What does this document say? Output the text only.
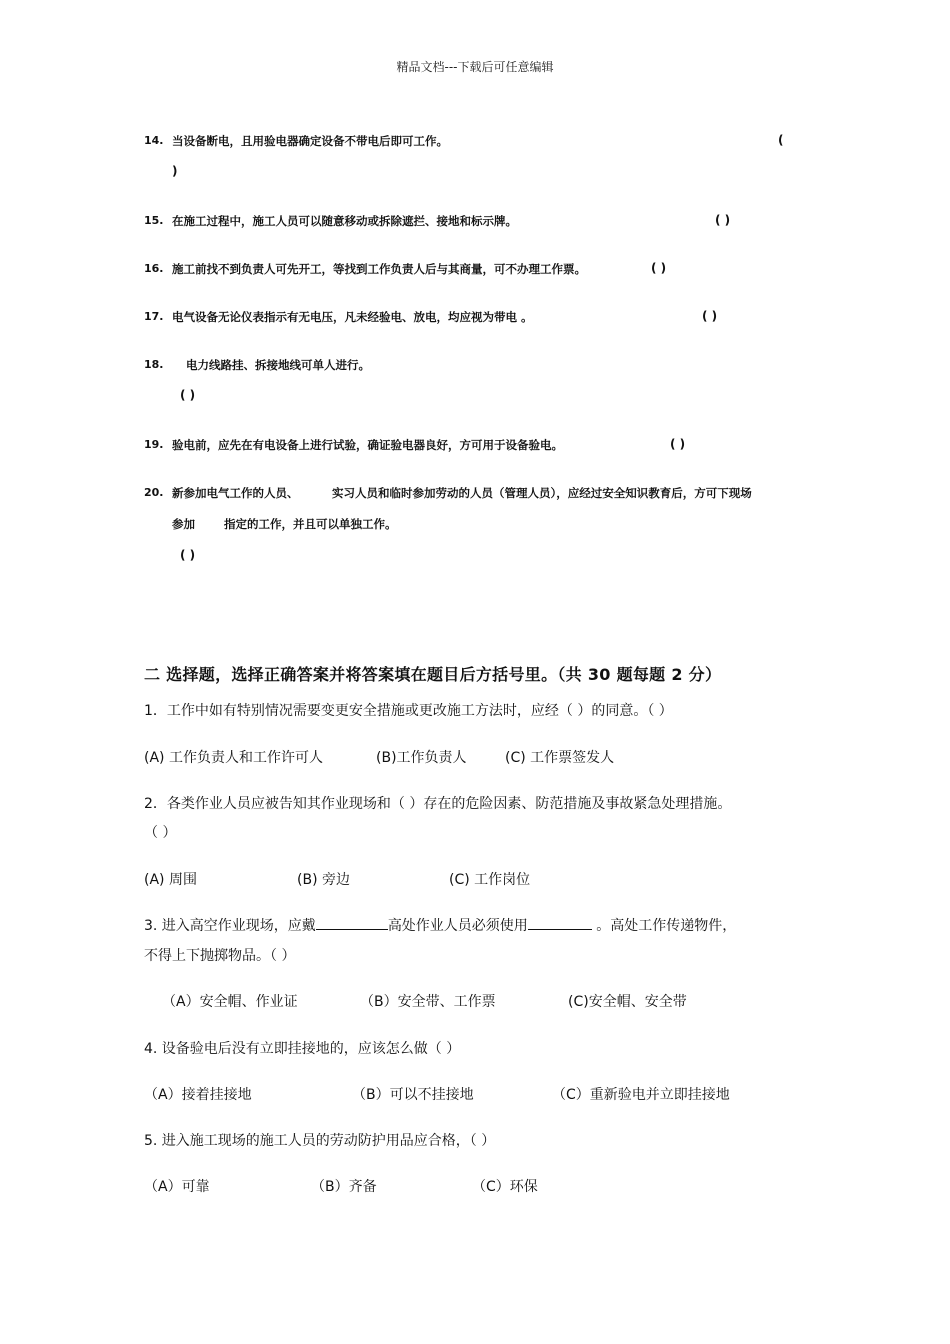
精品文档---下载后可任意编辑
14. 当设备断电，且用验电器确定设备不带电后即可工作。	(
)
15. 在施工过程中，施工人员可以随意移动或拆除遮拦、接地和标示牌。	( )
16. 施工前找不到负责人可先开工，等找到工作负责人后与其商量，可不办理工作票。	( )
17. 电气设备无论仪表指示有无电压，凡未经验电、放电，均应视为带电 。	( )
18. 电力线路挂、拆接地线可单人进行。
( )
19. 验电前，应先在有电设备上进行试验，确证验电器良好，方可用于设备验电。	( )
20. 新参加电气工作的人员、	实习人员和临时参加劳动的人员（管理人员），应经过安全知识教育后，方可下现场
参加	指定的工作，并且可以单独工作。
( )
二 选择题，选择正确答案并将答案填在题目后方括号里。（共 30 题每题 2 分）
1．工作中如有特别情况需要变更安全措施或更改施工方法时，应经（ ）的同意。（ ）
(A) 工作负责人和工作许可人	(B)工作负责人	(C) 工作票签发人
2．各类作业人员应被告知其作业现场和（ ）存在的危险因素、防范措施及事故紧急处理措施。
（ ）
(A) 周围	(B) 旁边	(C) 工作岗位
3. 进入高空作业现场，应戴	高处作业人员必须使用	。高处工作传递物件，
不得上下抛掷物品。（ ）
（A）安全帽、作业证	（B）安全带、工作票	(C)安全帽、安全带
4. 设备验电后没有立即挂接地的，应该怎么做（ ）
（A）接着挂接地	（B）可以不挂接地	（C）重新验电并立即挂接地
5. 进入施工现场的施工人员的劳动防护用品应合格，（ ）
（A）可靠	（B）齐备	（C）环保
